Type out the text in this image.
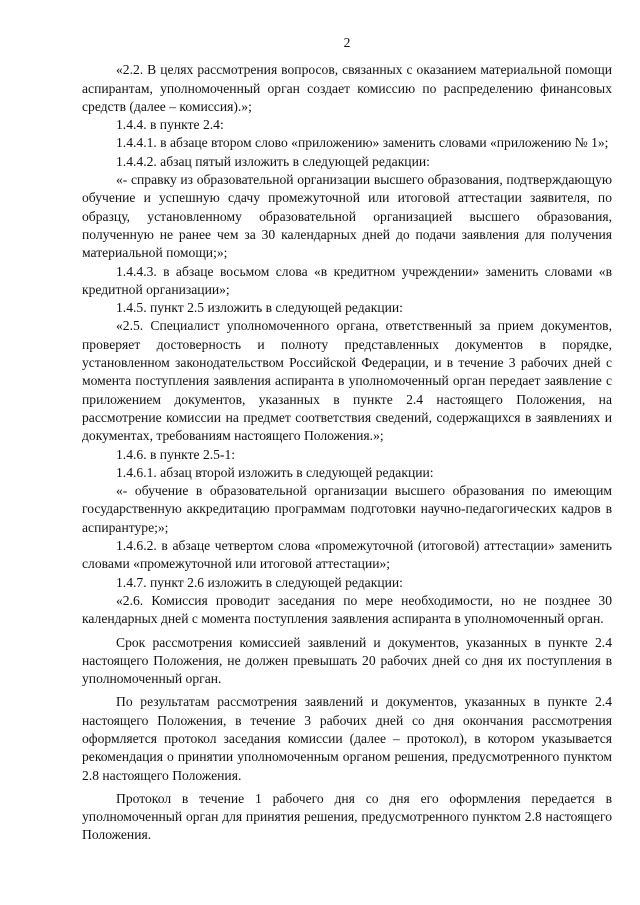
2

«2.2. В целях рассмотрения вопросов, связанных с оказанием материальной помощи аспирантам, уполномоченный орган создает комиссию по распределению финансовых средств (далее – комиссия).»;

1.4.4. в пункте 2.4:

1.4.4.1. в абзаце втором слово «приложению» заменить словами «приложению № 1»;

1.4.4.2. абзац пятый изложить в следующей редакции:

«- справку из образовательной организации высшего образования, подтверждающую обучение и успешную сдачу промежуточной или итоговой аттестации заявителя, по образцу, установленному образовательной организацией высшего образования, полученную не ранее чем за 30 календарных дней до подачи заявления для получения материальной помощи;»;

1.4.4.3. в абзаце восьмом слова «в кредитном учреждении» заменить словами «в кредитной организации»;

1.4.5. пункт 2.5 изложить в следующей редакции:

«2.5. Специалист уполномоченного органа, ответственный за прием документов, проверяет достоверность и полноту представленных документов в порядке, установленном законодательством Российской Федерации, и в течение 3 рабочих дней с момента поступления заявления аспиранта в уполномоченный орган передает заявление с приложением документов, указанных в пункте 2.4 настоящего Положения, на рассмотрение комиссии на предмет соответствия сведений, содержащихся в заявлениях и документах, требованиям настоящего Положения.»;

1.4.6. в пункте 2.5-1:

1.4.6.1. абзац второй изложить в следующей редакции:

«- обучение в образовательной организации высшего образования по имеющим государственную аккредитацию программам подготовки научно-педагогических кадров в аспирантуре;»;

1.4.6.2. в абзаце четвертом слова «промежуточной (итоговой) аттестации» заменить словами «промежуточной или итоговой аттестации»;

1.4.7. пункт 2.6 изложить в следующей редакции:

«2.6. Комиссия проводит заседания по мере необходимости, но не позднее 30 календарных дней с момента поступления заявления аспиранта в уполномоченный орган.

Срок рассмотрения комиссией заявлений и документов, указанных в пункте 2.4 настоящего Положения, не должен превышать 20 рабочих дней со дня их поступления в уполномоченный орган.

По результатам рассмотрения заявлений и документов, указанных в пункте 2.4 настоящего Положения, в течение 3 рабочих дней со дня окончания рассмотрения оформляется протокол заседания комиссии (далее – протокол), в котором указывается рекомендация о принятии уполномоченным органом решения, предусмотренного пунктом 2.8 настоящего Положения.

Протокол в течение 1 рабочего дня со дня его оформления передается в уполномоченный орган для принятия решения, предусмотренного пунктом 2.8 настоящего Положения.
